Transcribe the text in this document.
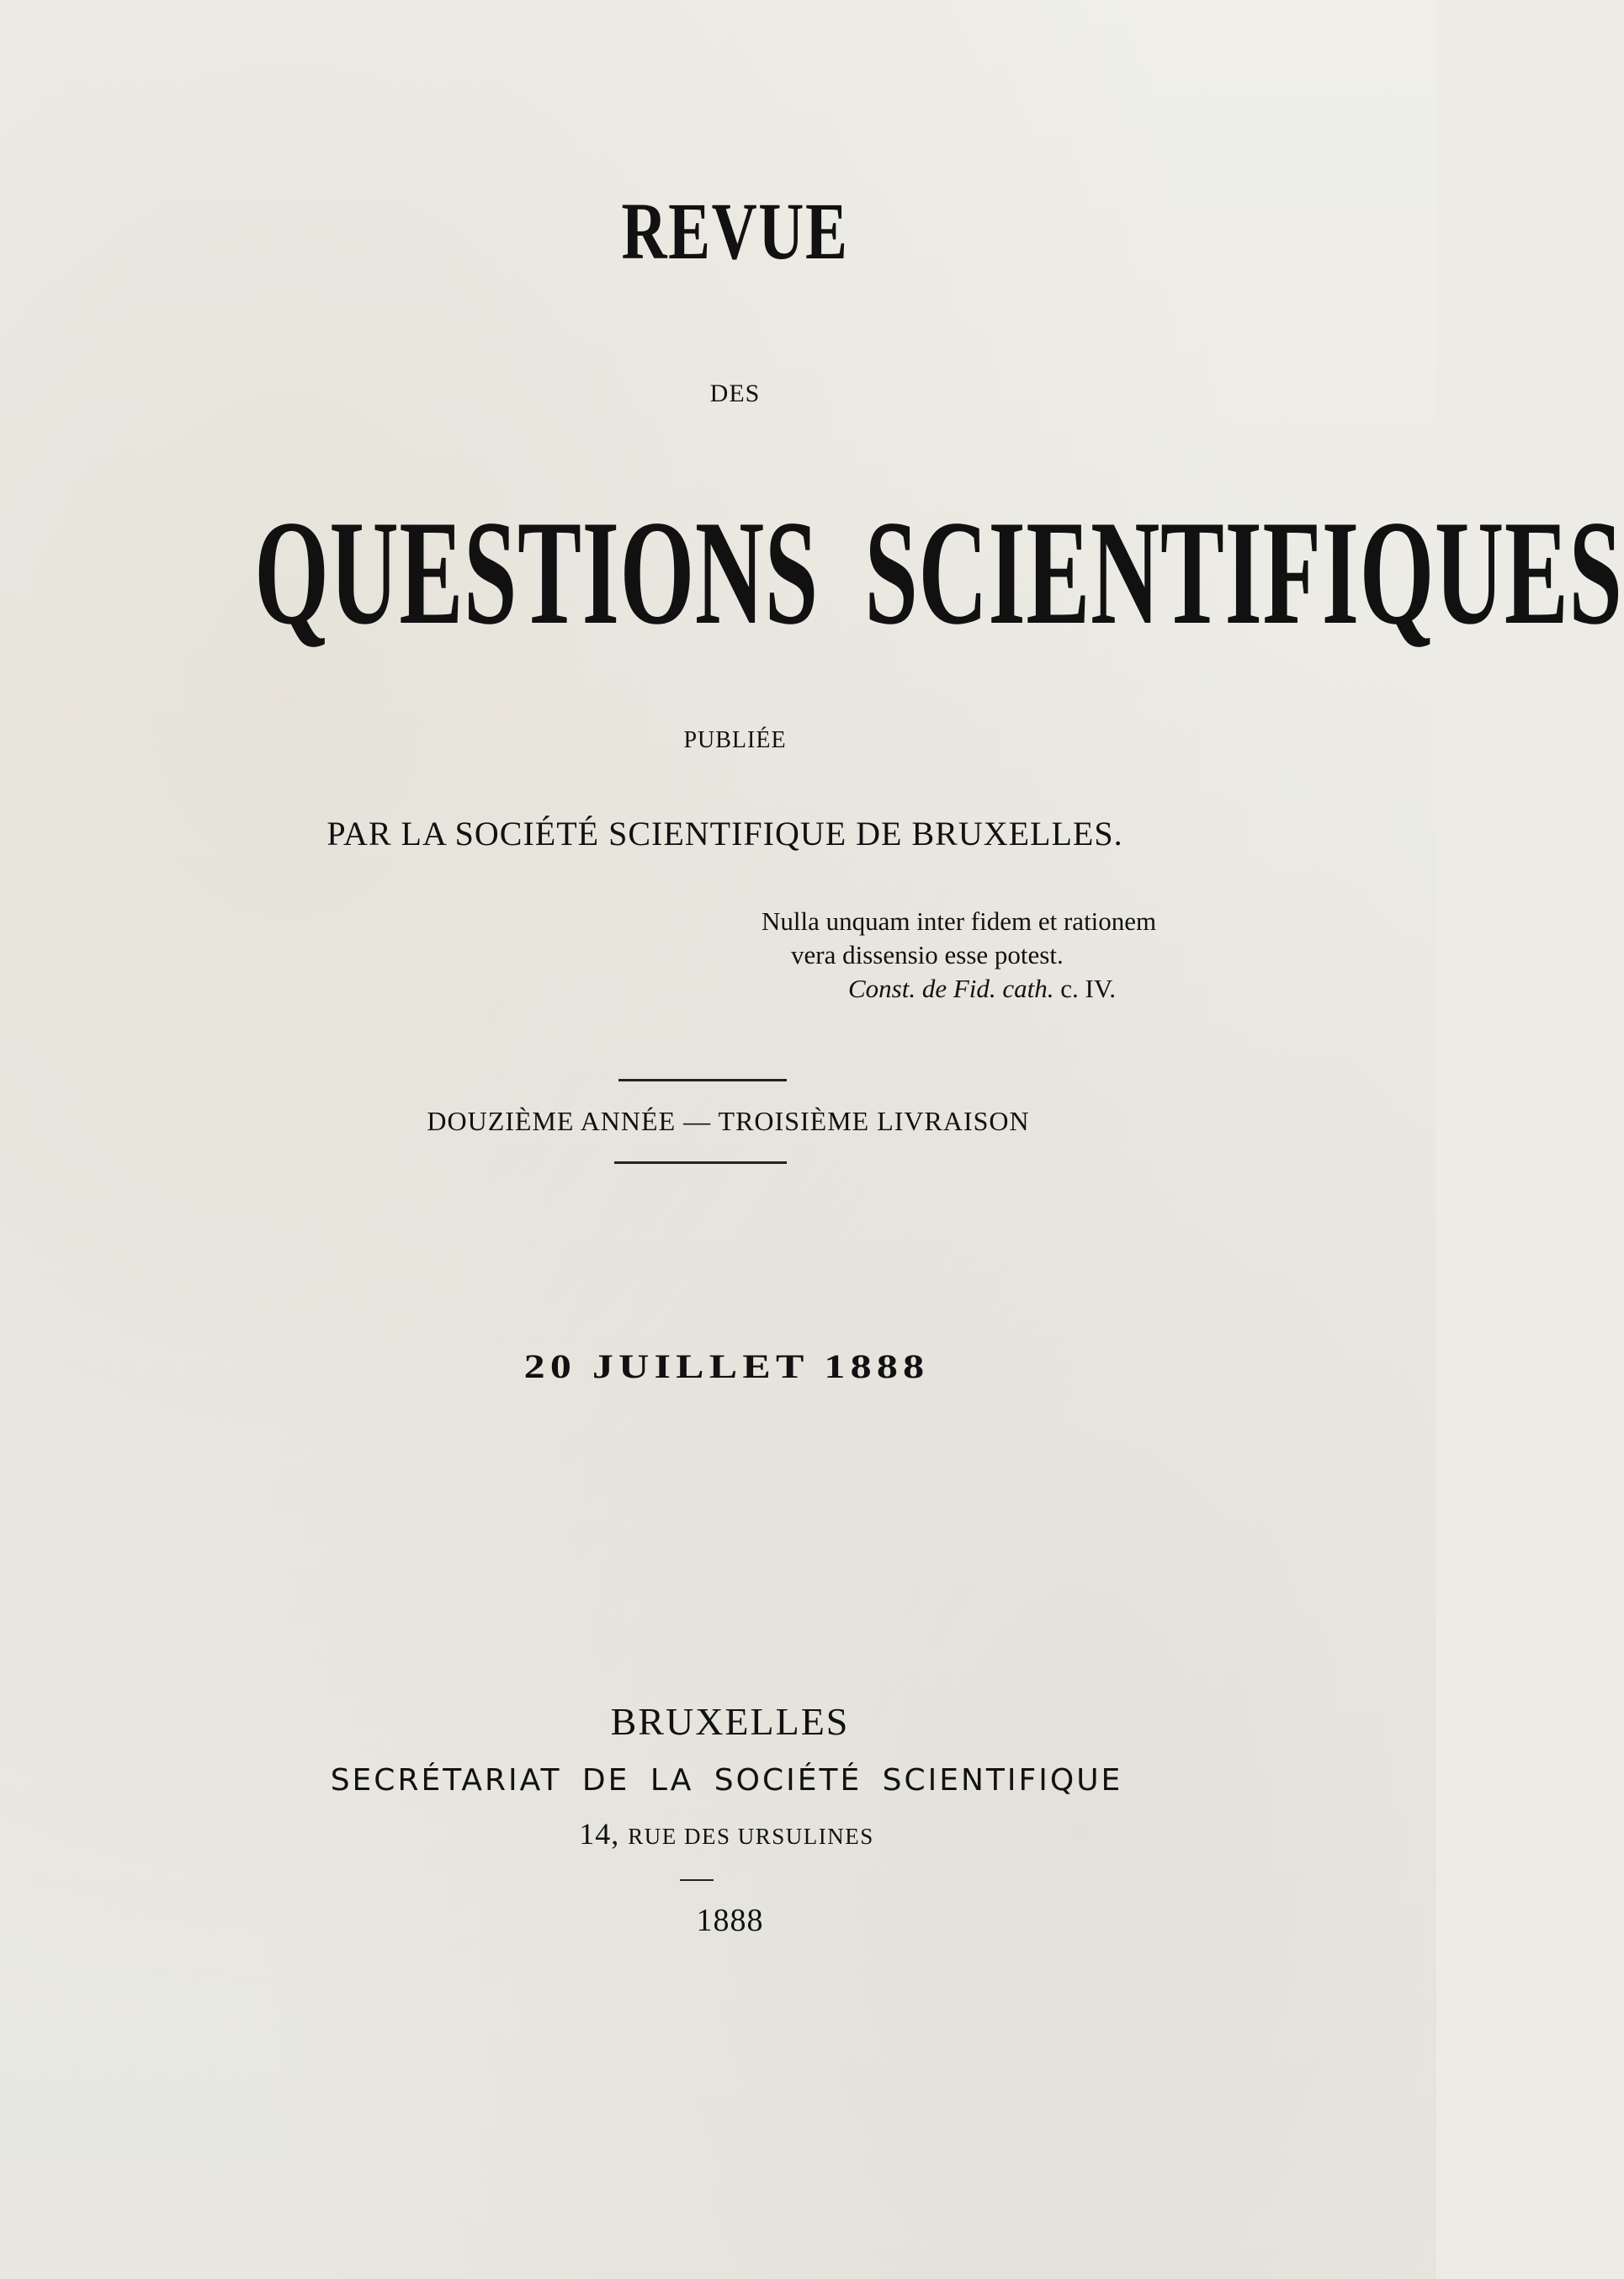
REVUE
DES
QUESTIONS SCIENTIFIQUES
PUBLIÉE
PAR LA SOCIÉTÉ SCIENTIFIQUE DE BRUXELLES.
Nulla unquam inter fidem et rationem
vera dissensio esse potest.
Const. de Fid. cath. c. IV.
DOUZIÈME ANNÉE — TROISIÈME LIVRAISON
20 JUILLET 1888
BRUXELLES
SECRÉTARIAT DE LA SOCIÉTÉ SCIENTIFIQUE
14, RUE DES URSULINES
1888
